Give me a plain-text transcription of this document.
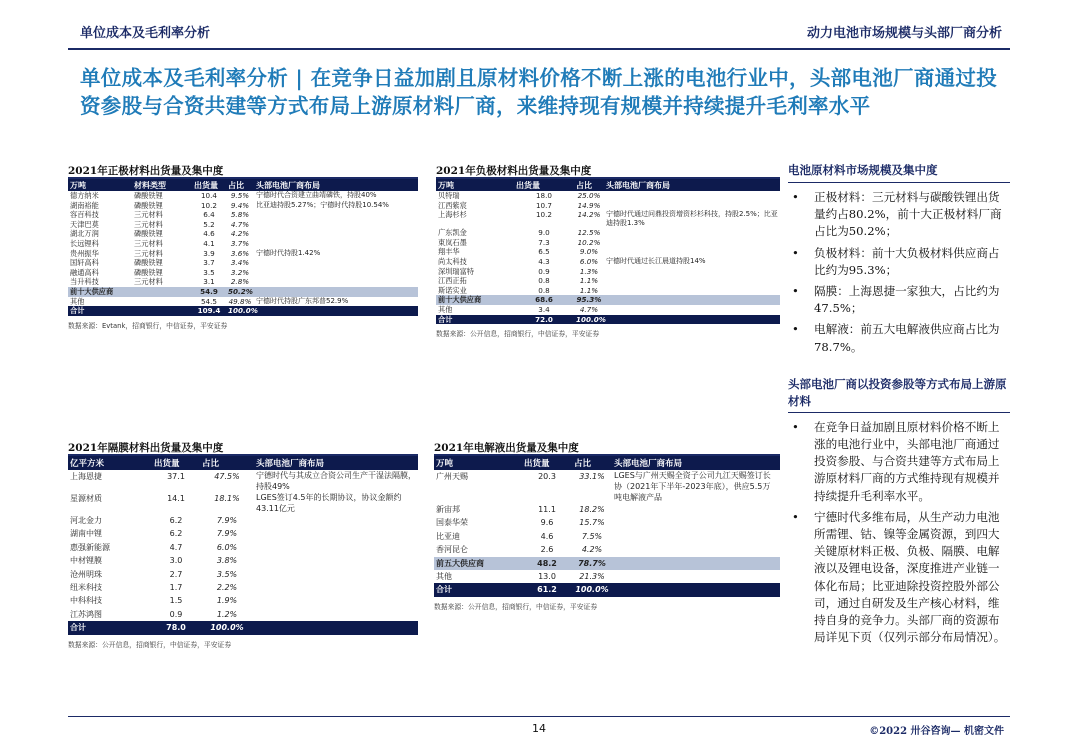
单位成本及毛利率分析	动力电池市场规模与头部厂商分析
单位成本及毛利率分析 | 在竞争日益加剧且原材料价格不断上涨的电池行业中，头部电池厂商通过投资参股与合资共建等方式布局上游原材料厂商，来维持现有规模并持续提升毛利率水平
2021年正极材料出货量及集中度
万吨	材料类型	出货量	占比	头部电池厂商布局
德方纳米	磷酸铁锂	10.4	9.5%	宁德时代合资建立曲靖磷铁，持股40%
湖南裕能	磷酸铁锂	10.2	9.4%	比亚迪持股5.27%；宁德时代持股10.54%
容百科技	三元材料	6.4	5.8%	
天津巴莫	三元材料	5.2	4.7%	
湖北万润	磷酸铁锂	4.6	4.2%	
长远锂科	三元材料	4.1	3.7%	
贵州振华	三元材料	3.9	3.6%	宁德时代持股1.42%
国轩高科	磷酸铁锂	3.7	3.4%	
融通高科	磷酸铁锂	3.5	3.2%	
当升科技	三元材料	3.1	2.8%	
前十大供应商		54.9	50.2%	
其他		54.5	49.8%	宁德时代持股广东邦普52.9%
合计		109.4	100.0%	
数据来源：Evtank，招商银行，中信证券，平安证券
2021年负极材料出货量及集中度
万吨	出货量	占比	头部电池厂商布局
贝特瑞	18.0	25.0%	
江西紫宸	10.7	14.9%	
上海杉杉	10.2	14.2%	宁德时代通过问鼎投资增资杉杉科技，持股2.5%；比亚迪持股1.3%
广东凯金	9.0	12.5%	
東岚石墨	7.3	10.2%	
翔丰华	6.5	9.0%	
尚太科技	4.3	6.0%	宁德时代通过长江晨道持股14%
深圳瑞富特	0.9	1.3%	
江西正拓	0.8	1.1%	
斯诺实业	0.8	1.1%	
前十大供应商	68.6	95.3%	
其他	3.4	4.7%	
合计	72.0	100.0%	
数据来源：公开信息，招商银行，中信证券，平安证券
2021年隔膜材料出货量及集中度
亿平方米	出货量	占比	头部电池厂商布局
上海恩捷	37.1	47.5%	宁德时代与其成立合资公司生产干湿法隔膜，持股49%
星源材质	14.1	18.1%	LGES签订4.5年的长期协议，协议金额约43.11亿元
河北金力	6.2	7.9%	
湖南中锂	6.2	7.9%	
惠强新能源	4.7	6.0%	
中材锂膜	3.0	3.8%	
沧州明珠	2.7	3.5%	
纽米科技	1.7	2.2%	
中科科技	1.5	1.9%	
江苏鸿图	0.9	1.2%	
合计	78.0	100.0%	
数据来源：公开信息，招商银行，中信证券，平安证券
2021年电解液出货量及集中度
万吨	出货量	占比	头部电池厂商布局
广州天赐	20.3	33.1%	LGES与广州天赐全资子公司九江天赐签订长协（2021年下半年-2023年底），供应5.5万吨电解液产品
新宙邦	11.1	18.2%	
国泰华荣	9.6	15.7%	
比亚迪	4.6	7.5%	
香河昆仑	2.6	4.2%	
前五大供应商	48.2	78.7%	
其他	13.0	21.3%	
合计	61.2	100.0%	
数据来源：公开信息，招商银行，中信证券，平安证券
电池原材料市场规模及集中度
• 正极材料：三元材料与碳酸铁锂出货量约占80.2%，前十大正极材料厂商占比为50.2%；
• 负极材料：前十大负极材料供应商占比约为95.3%；
• 隔膜：上海恩捷一家独大，占比约为47.5%；
• 电解液：前五大电解液供应商占比为78.7%。
头部电池厂商以投资参股等方式布局上游原材料
• 在竞争日益加剧且原材料价格不断上涨的电池行业中，头部电池厂商通过投资参股、与合资共建等方式布局上游原材料厂商的方式维持现有规模并持续提升毛利率水平。
• 宁德时代多维布局，从生产动力电池所需锂、钴、镍等金属资源，到四大关键原材料正极、负极、隔膜、电解液以及锂电设备，深度推进产业链一体化布局；比亚迪除投资控股外部公司，通过自研发及生产核心材料，维持自身的竞争力。头部厂商的资源布局详见下页（仅列示部分布局情况）。
14	©2022 卅谷咨询— 机密文件
